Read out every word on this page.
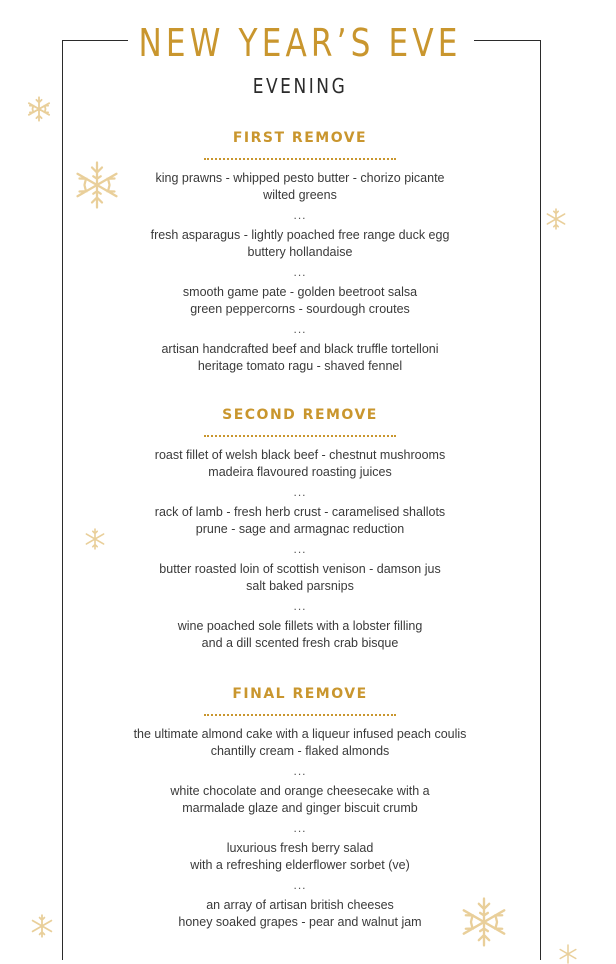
NEW YEAR’S EVE
EVENING
FIRST REMOVE
king prawns - whipped pesto butter - chorizo picante
wilted greens
...
fresh asparagus - lightly poached free range duck egg
buttery hollandaise
...
smooth game pate - golden beetroot salsa
green peppercorns - sourdough croutes
...
artisan handcrafted beef and black truffle tortelloni
heritage tomato ragu - shaved fennel
SECOND REMOVE
roast fillet of welsh black beef - chestnut mushrooms
madeira flavoured roasting juices
...
rack of lamb - fresh herb crust - caramelised shallots
prune - sage and armagnac reduction
...
butter roasted loin of scottish venison - damson jus
salt baked parsnips
...
wine poached sole fillets with a lobster filling
and a dill scented fresh crab bisque
FINAL REMOVE
the ultimate almond cake with a liqueur infused peach coulis
chantilly cream - flaked almonds
...
white chocolate and orange cheesecake with a
marmalade glaze and ginger biscuit crumb
...
luxurious fresh berry salad
with a refreshing elderflower sorbet (ve)
...
an array of artisan british cheeses
honey soaked grapes - pear and walnut jam
